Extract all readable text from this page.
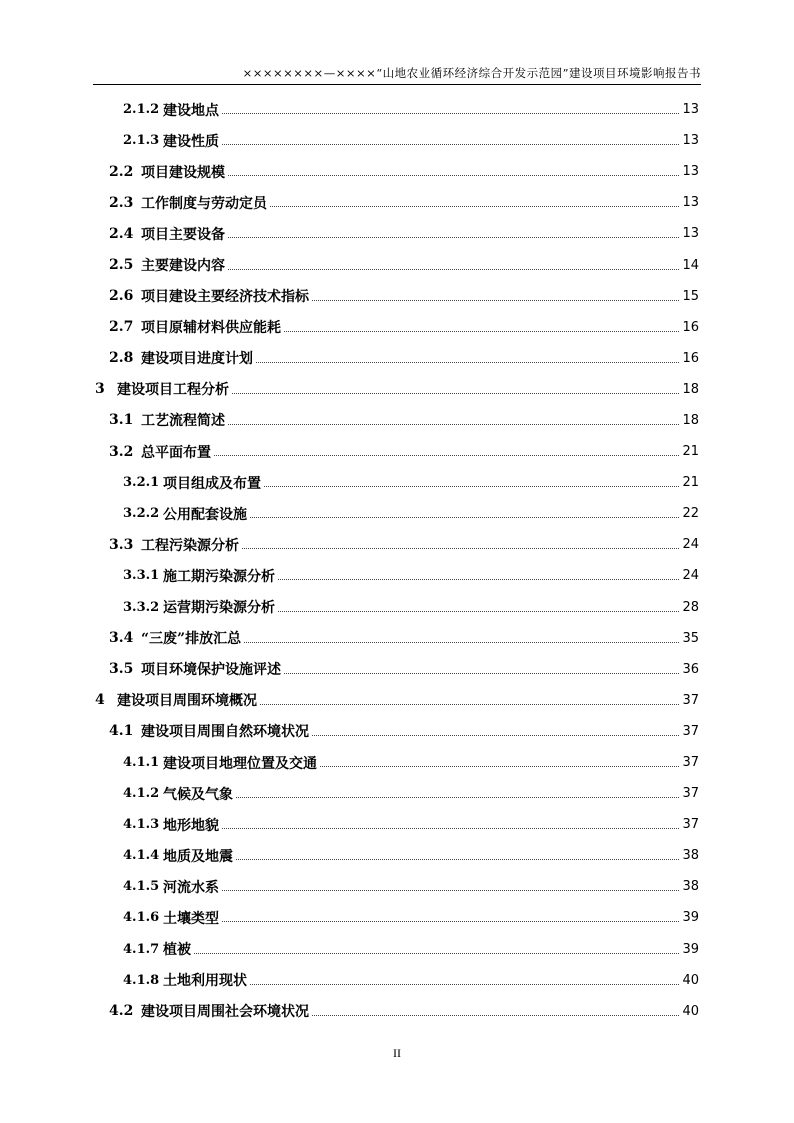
××××××××—××××“山地农业循环经济综合开发示范园”建设项目环境影响报告书
2.1.2 建设地点	13
2.1.3 建设性质	13
2.2 项目建设规模	13
2.3 工作制度与劳动定员	13
2.4 项目主要设备	13
2.5 主要建设内容	14
2.6 项目建设主要经济技术指标	15
2.7 项目原辅材料供应能耗	16
2.8 建设项目进度计划	16
3 建设项目工程分析	18
3.1 工艺流程简述	18
3.2 总平面布置	21
3.2.1 项目组成及布置	21
3.2.2 公用配套设施	22
3.3 工程污染源分析	24
3.3.1 施工期污染源分析	24
3.3.2 运营期污染源分析	28
3.4 “三废”排放汇总	35
3.5 项目环境保护设施评述	36
4 建设项目周围环境概况	37
4.1 建设项目周围自然环境状况	37
4.1.1 建设项目地理位置及交通	37
4.1.2 气候及气象	37
4.1.3 地形地貌	37
4.1.4 地质及地震	38
4.1.5 河流水系	38
4.1.6 土壤类型	39
4.1.7 植被	39
4.1.8 土地利用现状	40
4.2 建设项目周围社会环境状况	40
II
